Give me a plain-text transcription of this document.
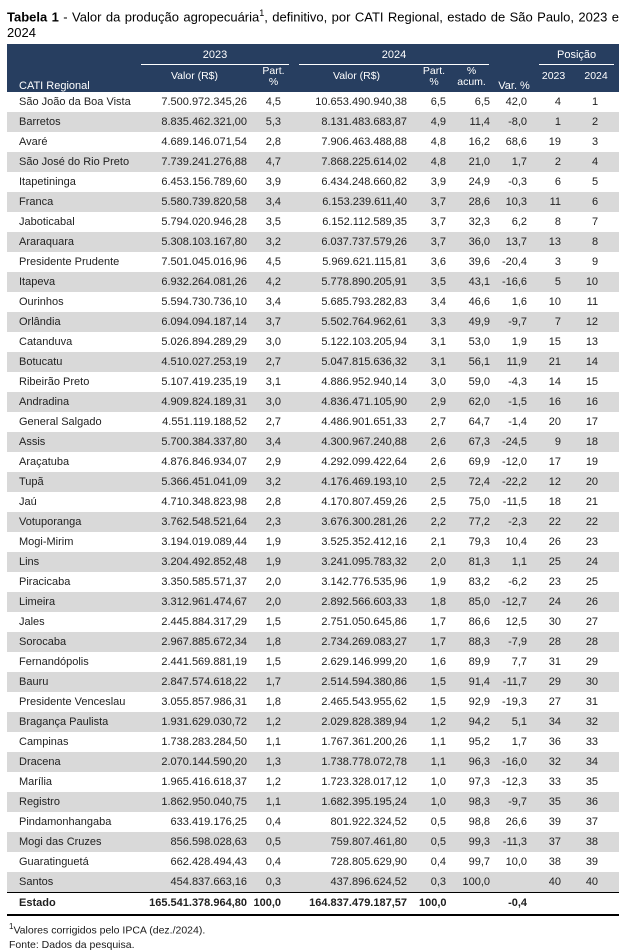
Tabela 1 - Valor da produção agropecuária$^1$, definitivo, por CATI Regional, estado de São Paulo, 2023 e 2024

CATI Regional	2023		2024			Var. %	Posição	

	Valor (R$)	Part. %	Valor (R$)	Part. %	% acum.		2023	2024
São João da Boa Vista	7.500.972.345,26	4,5	10.653.490.940,38	6,5	6,5	42,0	4	1
Barretos	8.835.462.321,00	5,3	8.131.483.683,87	4,9	11,4	-8,0	1	2
Avaré	4.689.146.071,54	2,8	7.906.463.488,88	4,8	16,2	68,6	19	3
São José do Rio Preto	7.739.241.276,88	4,7	7.868.225.614,02	4,8	21,0	1,7	2	4
Itapetininga	6.453.156.789,60	3,9	6.434.248.660,82	3,9	24,9	-0,3	6	5
Franca	5.580.739.820,58	3,4	6.153.239.611,40	3,7	28,6	10,3	11	6
Jaboticabal	5.794.020.946,28	3,5	6.152.112.589,35	3,7	32,3	6,2	8	7
Araraquara	5.308.103.167,80	3,2	6.037.737.579,26	3,7	36,0	13,7	13	8
Presidente Prudente	7.501.045.016,96	4,5	5.969.621.115,81	3,6	39,6	-20,4	3	9
Itapeva	6.932.264.081,26	4,2	5.778.890.205,91	3,5	43,1	-16,6	5	10
Ourinhos	5.594.730.736,10	3,4	5.685.793.282,83	3,4	46,6	1,6	10	11
Orlândia	6.094.094.187,14	3,7	5.502.764.962,61	3,3	49,9	-9,7	7	12
Catanduva	5.026.894.289,29	3,0	5.122.103.205,94	3,1	53,0	1,9	15	13
Botucatu	4.510.027.253,19	2,7	5.047.815.636,32	3,1	56,1	11,9	21	14
Ribeirão Preto	5.107.419.235,19	3,1	4.886.952.940,14	3,0	59,0	-4,3	14	15
Andradina	4.909.824.189,31	3,0	4.836.471.105,90	2,9	62,0	-1,5	16	16
General Salgado	4.551.119.188,52	2,7	4.486.901.651,33	2,7	64,7	-1,4	20	17
Assis	5.700.384.337,80	3,4	4.300.967.240,88	2,6	67,3	-24,5	9	18
Araçatuba	4.876.846.934,07	2,9	4.292.099.422,64	2,6	69,9	-12,0	17	19
Tupã	5.366.451.041,09	3,2	4.176.469.193,10	2,5	72,4	-22,2	12	20
Jaú	4.710.348.823,98	2,8	4.170.807.459,26	2,5	75,0	-11,5	18	21
Votuporanga	3.762.548.521,64	2,3	3.676.300.281,26	2,2	77,2	-2,3	22	22
Mogi-Mirim	3.194.019.089,44	1,9	3.525.352.412,16	2,1	79,3	10,4	26	23
Lins	3.204.492.852,48	1,9	3.241.095.783,32	2,0	81,3	1,1	25	24
Piracicaba	3.350.585.571,37	2,0	3.142.776.535,96	1,9	83,2	-6,2	23	25
Limeira	3.312.961.474,67	2,0	2.892.566.603,33	1,8	85,0	-12,7	24	26
Jales	2.445.884.317,29	1,5	2.751.050.645,86	1,7	86,6	12,5	30	27
Sorocaba	2.967.885.672,34	1,8	2.734.269.083,27	1,7	88,3	-7,9	28	28
Fernandópolis	2.441.569.881,19	1,5	2.629.146.999,20	1,6	89,9	7,7	31	29
Bauru	2.847.574.618,22	1,7	2.514.594.380,86	1,5	91,4	-11,7	29	30
Presidente Venceslau	3.055.857.986,31	1,8	2.465.543.955,62	1,5	92,9	-19,3	27	31
Bragança Paulista	1.931.629.030,72	1,2	2.029.828.389,94	1,2	94,2	5,1	34	32
Campinas	1.738.283.284,50	1,1	1.767.361.200,26	1,1	95,2	1,7	36	33
Dracena	2.070.144.590,20	1,3	1.738.778.072,78	1,1	96,3	-16,0	32	34
Marília	1.965.416.618,37	1,2	1.723.328.017,12	1,0	97,3	-12,3	33	35
Registro	1.862.950.040,75	1,1	1.682.395.195,24	1,0	98,3	-9,7	35	36
Pindamonhangaba	633.419.176,25	0,4	801.922.324,52	0,5	98,8	26,6	39	37
Mogi das Cruzes	856.598.028,63	0,5	759.807.461,80	0,5	99,3	-11,3	37	38
Guaratinguetá	662.428.494,43	0,4	728.805.629,90	0,4	99,7	10,0	38	39
Santos	454.837.663,16	0,3	437.896.624,52	0,3	100,0		40	40
Estado	165.541.378.964,80	100,0	164.837.479.187,57	100,0		-0,4		

$^1$Valores corrigidos pelo IPCA (dez./2024).

Fonte: Dados da pesquisa.
